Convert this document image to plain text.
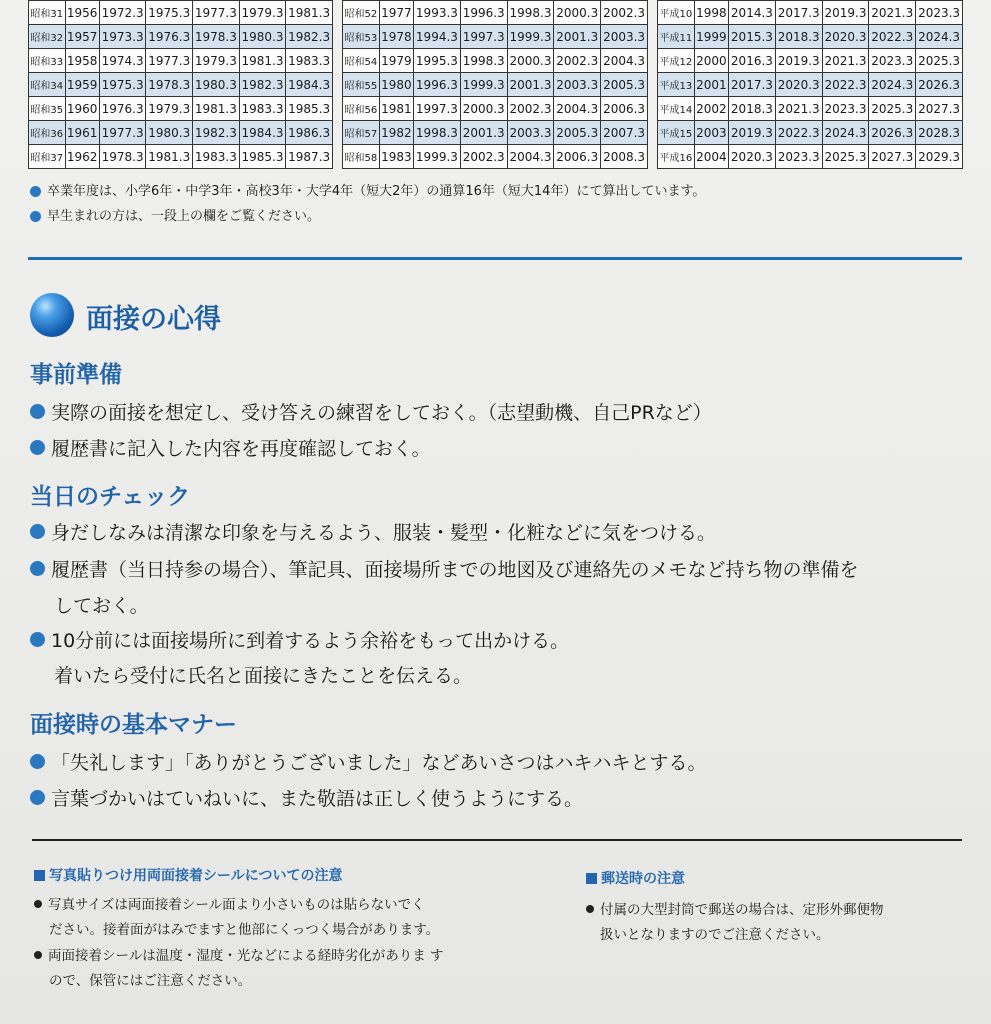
昭和31	1956	1972.3	1975.3	1977.3	1979.3	1981.3
昭和32	1957	1973.3	1976.3	1978.3	1980.3	1982.3
昭和33	1958	1974.3	1977.3	1979.3	1981.3	1983.3
昭和34	1959	1975.3	1978.3	1980.3	1982.3	1984.3
昭和35	1960	1976.3	1979.3	1981.3	1983.3	1985.3
昭和36	1961	1977.3	1980.3	1982.3	1984.3	1986.3
昭和37	1962	1978.3	1981.3	1983.3	1985.3	1987.3
昭和52	1977	1993.3	1996.3	1998.3	2000.3	2002.3
昭和53	1978	1994.3	1997.3	1999.3	2001.3	2003.3
昭和54	1979	1995.3	1998.3	2000.3	2002.3	2004.3
昭和55	1980	1996.3	1999.3	2001.3	2003.3	2005.3
昭和56	1981	1997.3	2000.3	2002.3	2004.3	2006.3
昭和57	1982	1998.3	2001.3	2003.3	2005.3	2007.3
昭和58	1983	1999.3	2002.3	2004.3	2006.3	2008.3
平成10	1998	2014.3	2017.3	2019.3	2021.3	2023.3
平成11	1999	2015.3	2018.3	2020.3	2022.3	2024.3
平成12	2000	2016.3	2019.3	2021.3	2023.3	2025.3
平成13	2001	2017.3	2020.3	2022.3	2024.3	2026.3
平成14	2002	2018.3	2021.3	2023.3	2025.3	2027.3
平成15	2003	2019.3	2022.3	2024.3	2026.3	2028.3
平成16	2004	2020.3	2023.3	2025.3	2027.3	2029.3
卒業年度は、小学6年・中学3年・高校3年・大学4年（短大2年）の通算16年（短大14年）にて算出しています。
早生まれの方は、一段上の欄をご覧ください。
面接の心得
事前準備
実際の面接を想定し、受け答えの練習をしておく。（志望動機、自己PRなど）
履歴書に記入した内容を再度確認しておく。
当日のチェック
身だしなみは清潔な印象を与えるよう、服装・髪型・化粧などに気をつける。
履歴書（当日持参の場合）、筆記具、面接場所までの地図及び連絡先のメモなど持ち物の準備を
しておく。
10分前には面接場所に到着するよう余裕をもって出かける。
着いたら受付に氏名と面接にきたことを伝える。
面接時の基本マナー
「失礼します」「ありがとうございました」などあいさつはハキハキとする。
言葉づかいはていねいに、また敬語は正しく使うようにする。
写真貼りつけ用両面接着シールについての注意
写真サイズは両面接着シール面より小さいものは貼らないでく
ださい。接着面がはみでますと他部にくっつく場合があります。
両面接着シールは温度・湿度・光などによる経時劣化がありま す
ので、保管にはご注意ください。
郵送時の注意
付属の大型封筒で郵送の場合は、定形外郵便物
扱いとなりますのでご注意ください。
